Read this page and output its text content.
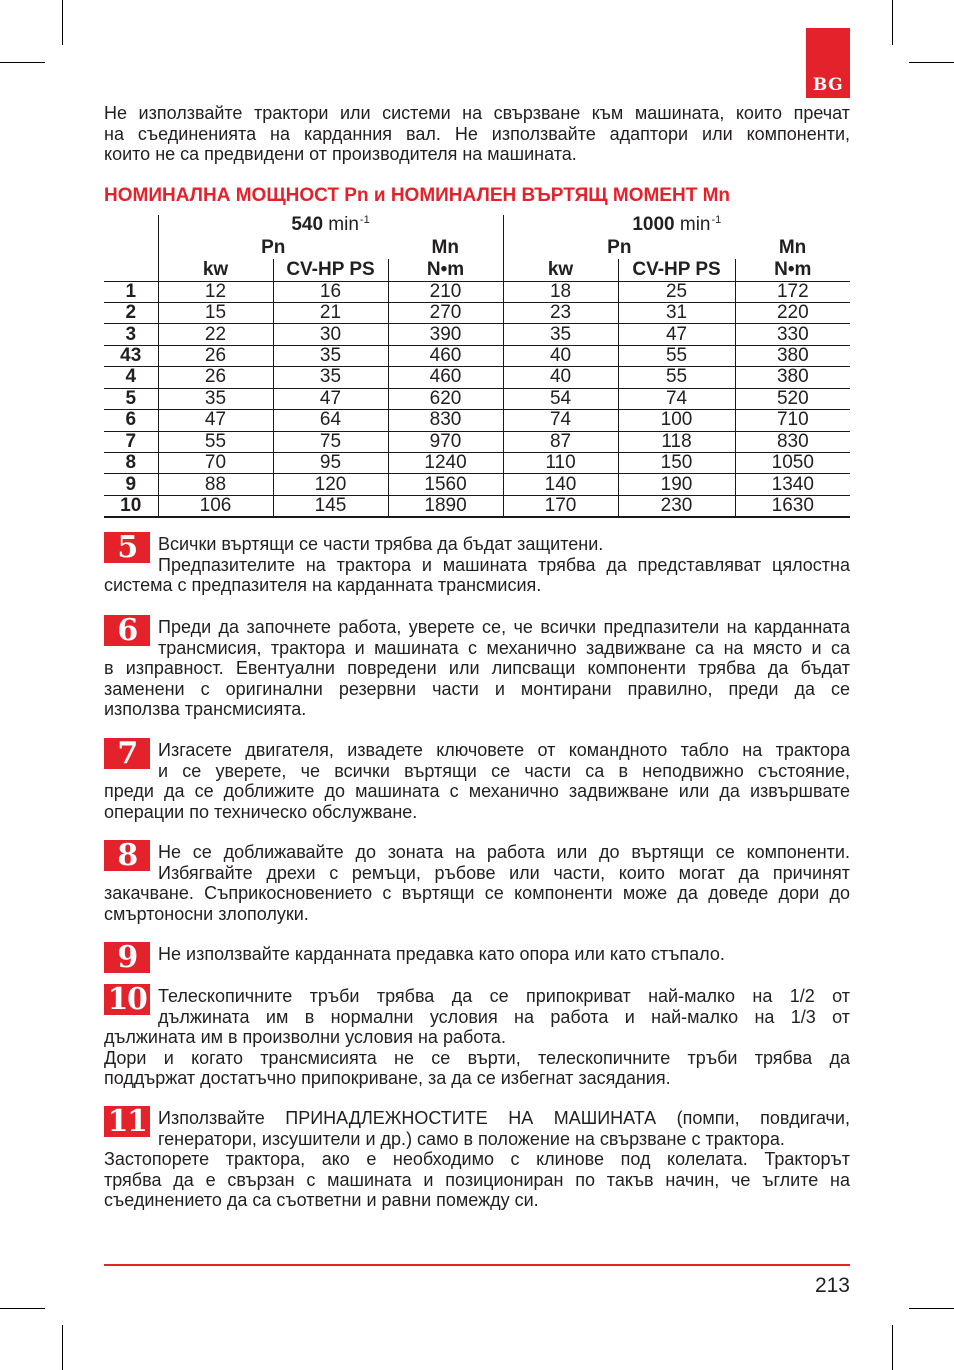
BG
Не използвайте трактори или системи на свързване към машината, които пречат
на съединенията на карданния вал. Не използвайте адаптори или компоненти,
които не са предвидени от производителя на машината.
НОМИНАЛНА МОЩНОСТ Pn и НОМИНАЛЕН ВЪРТЯЩ МОМЕНТ Mn
	540 $\min^{-1}$			1000 $\min^{-1}$
	Pn		Mn	Pn		Mn
	kw	CV-HP PS	N•m	kw	CV-HP PS	N•m
1	12	16	210	18	25	172
2	15	21	270	23	31	220
3	22	30	390	35	47	330
43	26	35	460	40	55	380
4	26	35	460	40	55	380
5	35	47	620	54	74	520
6	47	64	830	74	100	710
7	55	75	970	87	118	830
8	70	95	1240	110	150	1050
9	88	120	1560	140	190	1340
10	106	145	1890	170	230	1630
5	Всички въртящи се части трябва да бъдат защитени.
Предпазителите на трактора и машината трябва да представляват цялостна
система с предпазителя на карданната трансмисия.
6	Преди да започнете работа, уверете се, че всички предпазители на карданната
трансмисия, трактора и машината с механично задвижване са на място и са
в изправност. Евентуални повредени или липсващи компоненти трябва да бъдат
заменени с оригинални резервни части и монтирани правилно, преди да се
използва трансмисията.
7	Изгасете двигателя, извадете ключовете от командното табло на трактора
и се уверете, че всички въртящи се части са в неподвижно състояние,
преди да се доближите до машината с механично задвижване или да извършвате
операции по техническо обслужване.
8	Не се доближавайте до зоната на работа или до въртящи се компоненти.
Избягвайте дрехи с ремъци, ръбове или части, които могат да причинят
закачване. Съприкосновението с въртящи се компоненти може да доведе дори до
смъртоносни злополуки.
9	Не използвайте карданната предавка като опора или като стъпало.
10 Телескопичните тръби трябва да се припокриват най-малко на 1/2 от
дължината им в нормални условия на работа и най-малко на 1/3 от
дължината им в произволни условия на работа.
Дори и когато трансмисията не се върти, телескопичните тръби трябва да
поддържат достатъчно припокриване, за да се избегнат засядания.
11 Използвайте ПРИНАДЛЕЖНОСТИТЕ НА МАШИНАТА (помпи, повдигачи,
генератори, изсушители и др.) само в положение на свързване с трактора.
Застопорете трактора, ако е необходимо с клинове под колелата. Тракторът
трябва да е свързан с машината и позициониран по такъв начин, че ъглите на
съединението да са съответни и равни помежду си.
213
